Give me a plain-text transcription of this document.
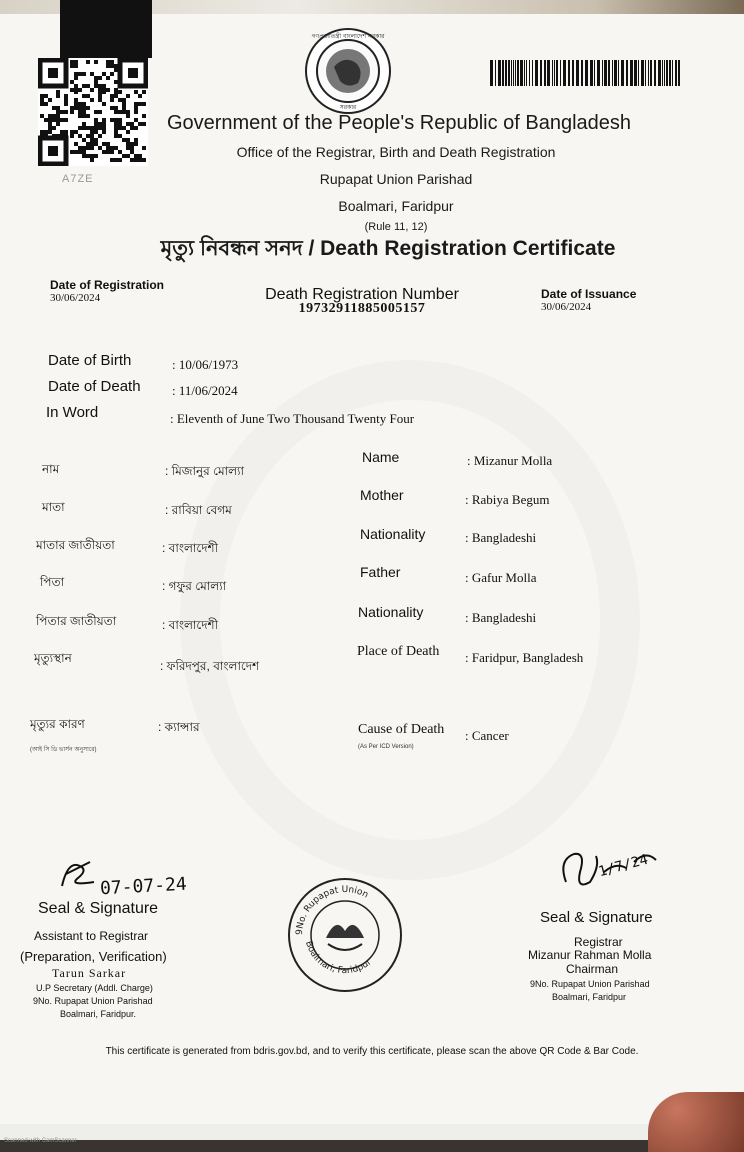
A7ZE
সরকার
গণপ্রজাতন্ত্রী বাংলাদেশ সরকার
Government of the People's Republic of Bangladesh
Office of the Registrar, Birth and Death Registration
Rupapat Union Parishad
Boalmari, Faridpur
(Rule 11, 12)
মৃত্যু নিবন্ধন সনদ / Death Registration Certificate
Date of Registration
30/06/2024	Death Registration Number
19732911885005157
Date of Issuance
30/06/2024
Date of Birth	: 10/06/1973
Date of Death : 11/06/2024
In Word	: Eleventh of June Two Thousand Twenty Four
নাম	: মিজানুর মোল্যা
মাতা	: রাবিয়া বেগম
মাতার জাতীয়তা	: বাংলাদেশী
পিতা	: গফুর মোল্যা
পিতার জাতীয়তা	: বাংলাদেশী
মৃত্যুস্থান
: ফরিদপুর, বাংলাদেশ
মৃত্যুর কারণ	: ক্যান্সার
(আই সি ডি ভার্সন অনুসারে)
Name	: Mizanur Molla
Mother	: Rabiya Begum
Nationality	: Bangladeshi
Father	: Gafur Molla
Nationality	: Bangladeshi
Place of Death : Faridpur, Bangladesh
Cause of Death : Cancer
(As Per ICD Version)
07-07-24
Seal & Signature
Assistant to Registrar
(Preparation, Verification)
Tarun Sarkar
U.P Secretary (Addl. Charge)
9No. Rupapat Union Parishad
Boalmari, Faridpur.
9No. Rupapat Union
Boalmari, Faridpur
1/7/24
Seal & Signature
Registrar
Mizanur Rahman Molla
Chairman
9No. Rupapat Union Parishad
Boalmari, Faridpur
This certificate is generated from bdris.gov.bd, and to verify this certificate, please scan the above QR Code & Bar Code.
Scanned with CamScanner
